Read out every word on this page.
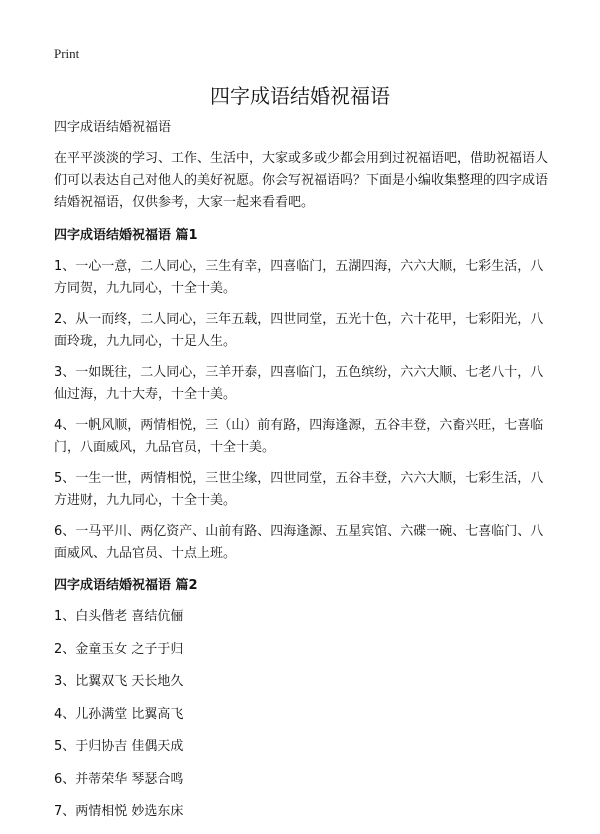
Print
四字成语结婚祝福语

四字成语结婚祝福语

在平平淡淡的学习、工作、生活中，大家或多或少都会用到过祝福语吧，借助祝福语人们可以表达自己对他人的美好祝愿。你会写祝福语吗？下面是小编收集整理的四字成语结婚祝福语，仅供参考，大家一起来看看吧。

四字成语结婚祝福语 篇1

1、一心一意，二人同心，三生有幸，四喜临门，五湖四海，六六大顺，七彩生活，八方同贺，九九同心，十全十美。

2、从一而终，二人同心，三年五载，四世同堂，五光十色，六十花甲，七彩阳光，八面玲珑，九九同心，十足人生。

3、一如既往，二人同心，三羊开泰，四喜临门，五色缤纷，六六大顺、七老八十，八仙过海，九十大寿，十全十美。

4、一帆风顺，两情相悦，三（山）前有路，四海逢源，五谷丰登，六畜兴旺，七喜临门，八面威风，九品官员，十全十美。

5、一生一世，两情相悦，三世尘缘，四世同堂，五谷丰登，六六大顺，七彩生活，八方进财，九九同心，十全十美。

6、一马平川、两亿资产、山前有路、四海逢源、五星宾馆、六碟一碗、七喜临门、八面威风、九品官员、十点上班。

四字成语结婚祝福语 篇2

1、白头偕老 喜结伉俪

2、金童玉女 之子于归

3、比翼双飞 天长地久

4、儿孙满堂 比翼高飞

5、于归协吉 佳偶天成

6、并蒂荣华 琴瑟合鸣

7、两情相悦 妙选东床
